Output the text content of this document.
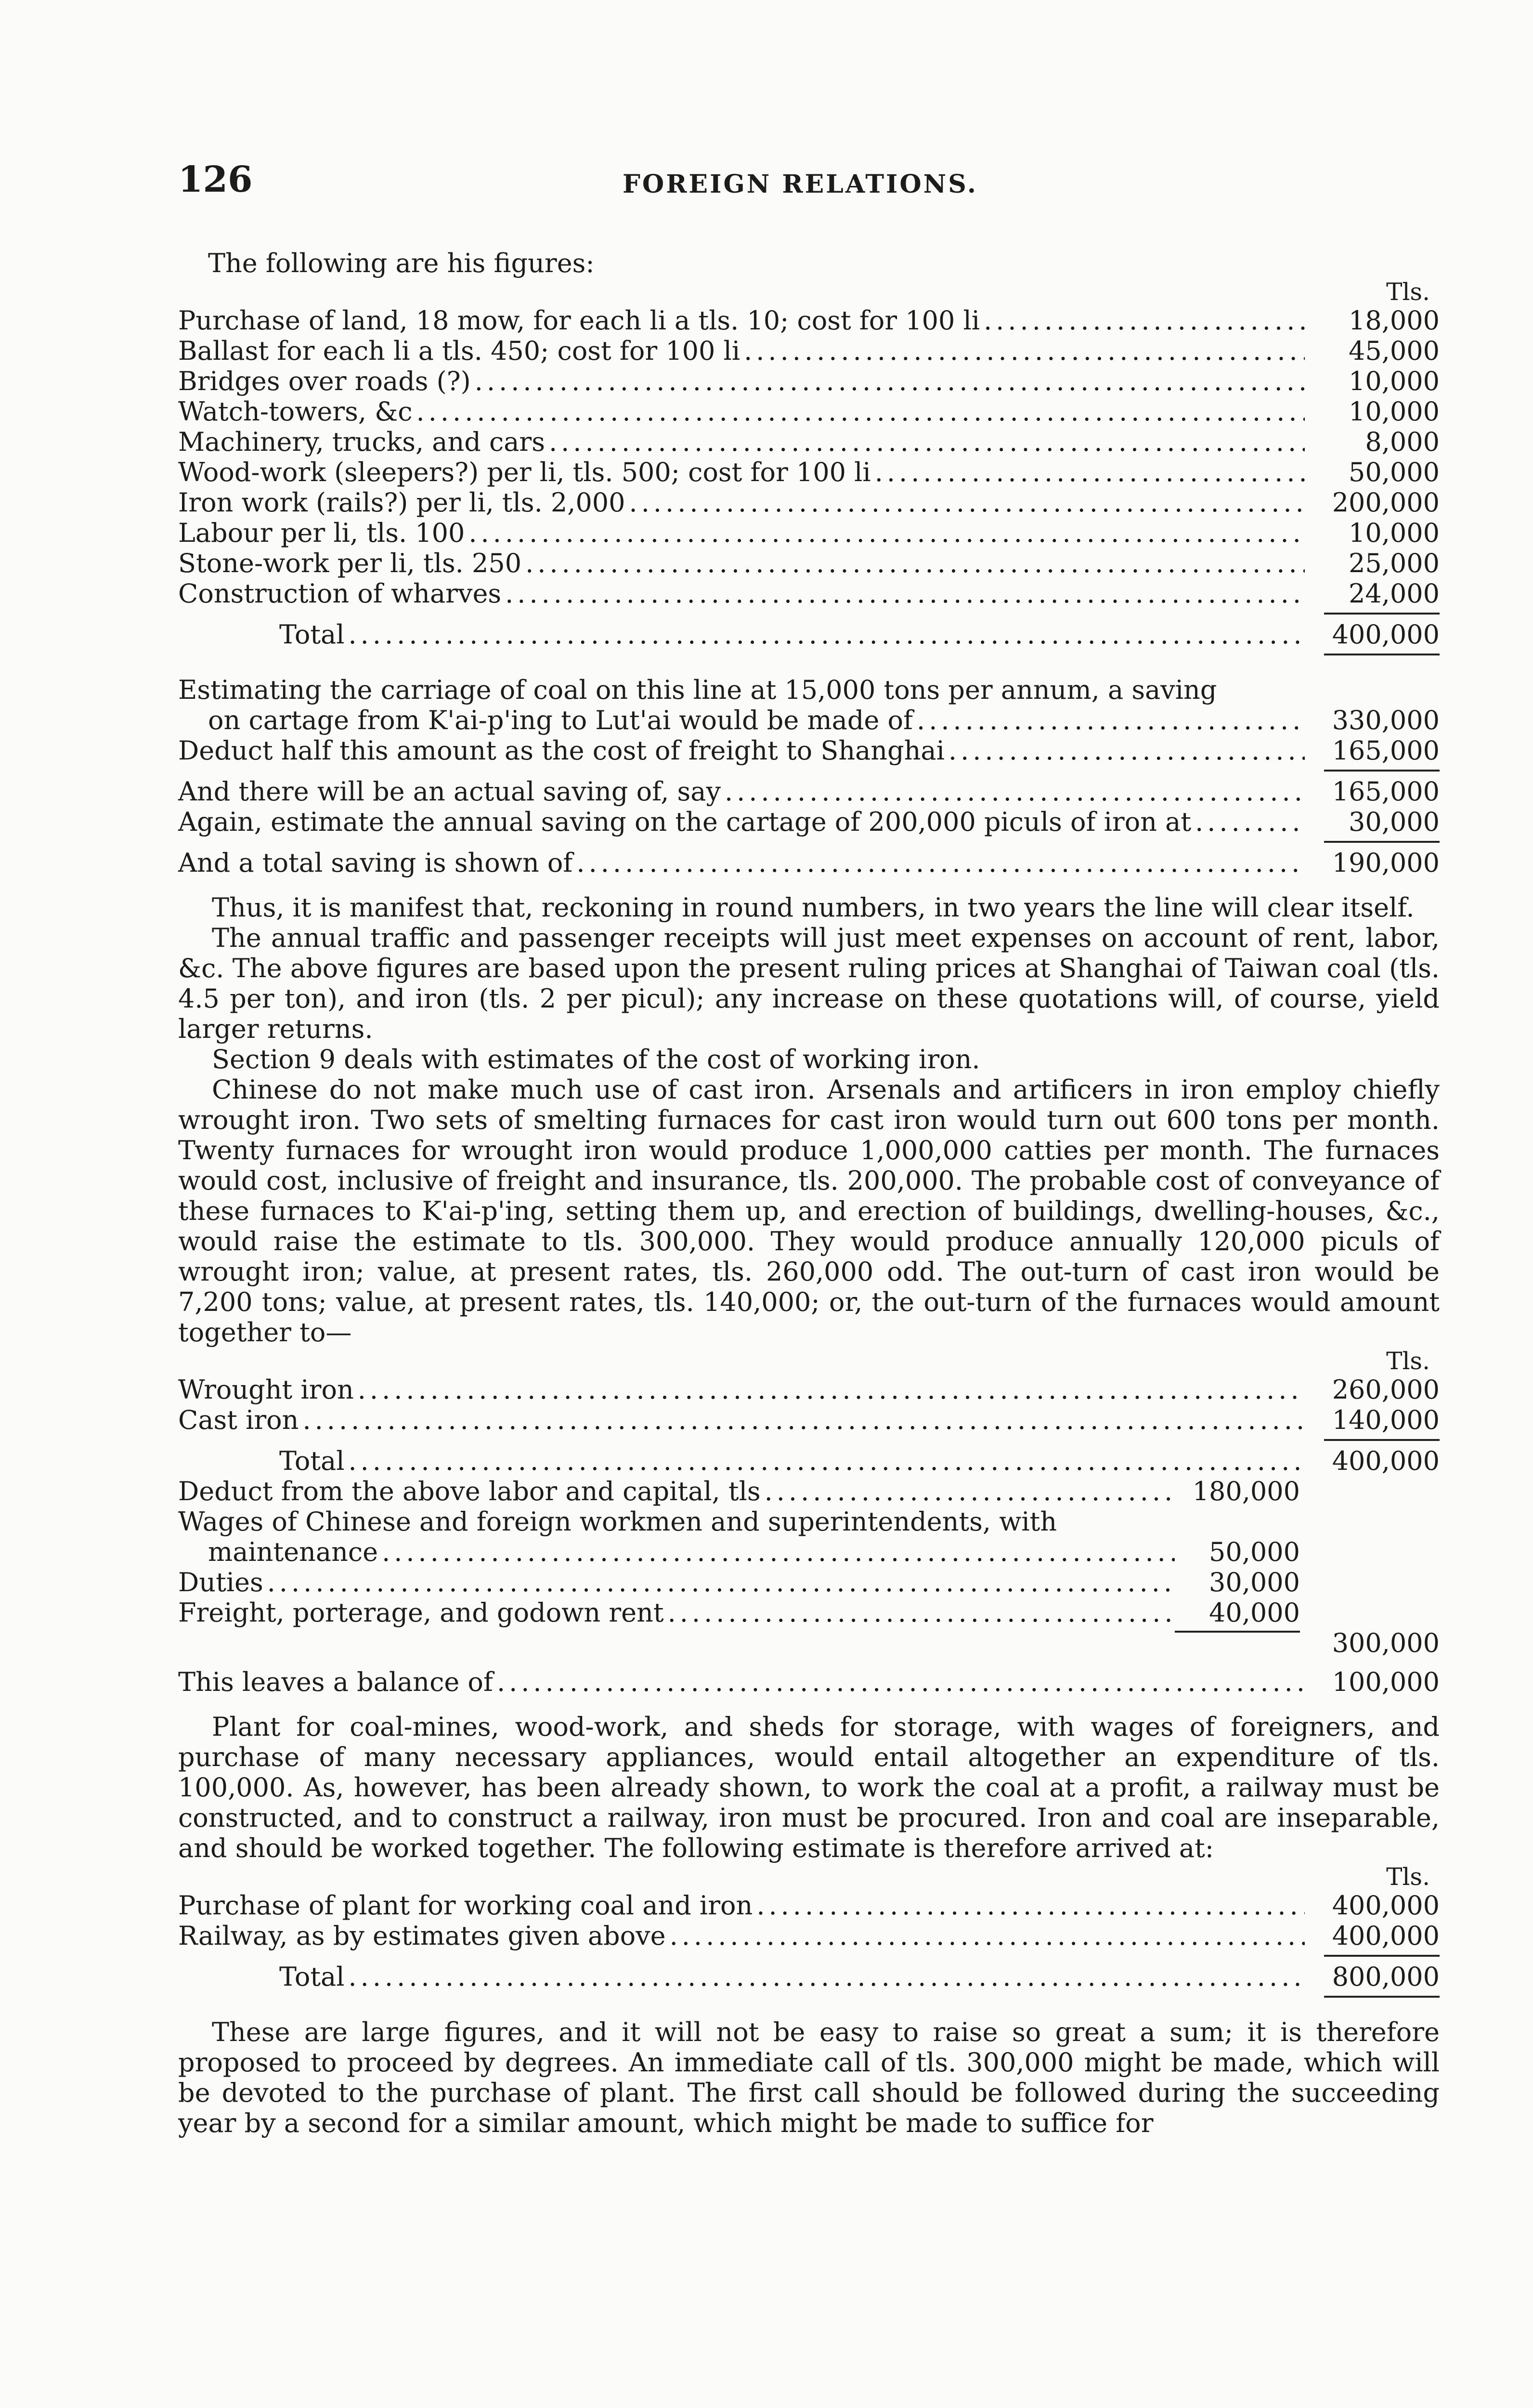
126	FOREIGN RELATIONS.

The following are his figures:

Tls.
Purchase of land, 18 mow, for each li a tls. 10; cost for 100 li .....	18,000
Ballast for each li a tls. 450; cost for 100 li .....	45,000
Bridges over roads (?) .....	10,000
Watch-towers, &c .....	10,000
Machinery, trucks, and cars .....	8,000
Wood-work (sleepers?) per li, tls. 500; cost for 100 li .....	50,000
Iron work (rails?) per li, tls. 2,000 .....	200,000
Labour per li, tls. 100 .....	10,000
Stone-work per li, tls. 250 .....	25,000
Construction of wharves .....	24,000
Total .....	400,000
Estimating the carriage of coal on this line at 15,000 tons per annum, a saving
on cartage from K'ai-p'ing to Lut'ai would be made of .....	330,000
Deduct half this amount as the cost of freight to Shanghai .....	165,000
And there will be an actual saving of, say .....	165,000
Again, estimate the annual saving on the cartage of 200,000 piculs of iron at .....	30,000
And a total saving is shown of .....	190,000

Thus, it is manifest that, reckoning in round numbers, in two years the line will clear itself.

The annual traffic and passenger receipts will just meet expenses on account of rent, labor, &c. The above figures are based upon the present ruling prices at Shanghai of Taiwan coal (tls. 4.5 per ton), and iron (tls. 2 per picul); any increase on these quotations will, of course, yield larger returns.

Section 9 deals with estimates of the cost of working iron.

Chinese do not make much use of cast iron. Arsenals and artificers in iron employ chiefly wrought iron. Two sets of smelting furnaces for cast iron would turn out 600 tons per month. Twenty furnaces for wrought iron would produce 1,000,000 catties per month. The furnaces would cost, inclusive of freight and insurance, tls. 200,000. The probable cost of conveyance of these furnaces to K'ai-p'ing, setting them up, and erection of buildings, dwelling-houses, &c., would raise the estimate to tls. 300,000. They would produce annually 120,000 piculs of wrought iron; value, at present rates, tls. 260,000 odd. The out-turn of cast iron would be 7,200 tons; value, at present rates, tls. 140,000; or, the out-turn of the furnaces would amount together to—

Tls.
Wrought iron .....	260,000
Cast iron .....	140,000
Total .....	400,000
Deduct from the above labor and capital, tls .....	180,000
Wages of Chinese and foreign workmen and superintendents, with
maintenance .....	50,000
Duties .....	30,000
Freight, porterage, and godown rent .....	40,000
300,000
This leaves a balance of .....	100,000

Plant for coal-mines, wood-work, and sheds for storage, with wages of foreigners, and purchase of many necessary appliances, would entail altogether an expenditure of tls. 100,000. As, however, has been already shown, to work the coal at a profit, a railway must be constructed, and to construct a railway, iron must be procured. Iron and coal are inseparable, and should be worked together. The following estimate is therefore arrived at:

Tls.
Purchase of plant for working coal and iron .....	400,000
Railway, as by estimates given above .....	400,000
Total .....	800,000

These are large figures, and it will not be easy to raise so great a sum; it is therefore proposed to proceed by degrees. An immediate call of tls. 300,000 might be made, which will be devoted to the purchase of plant. The first call should be followed during the succeeding year by a second for a similar amount, which might be made to suffice for
